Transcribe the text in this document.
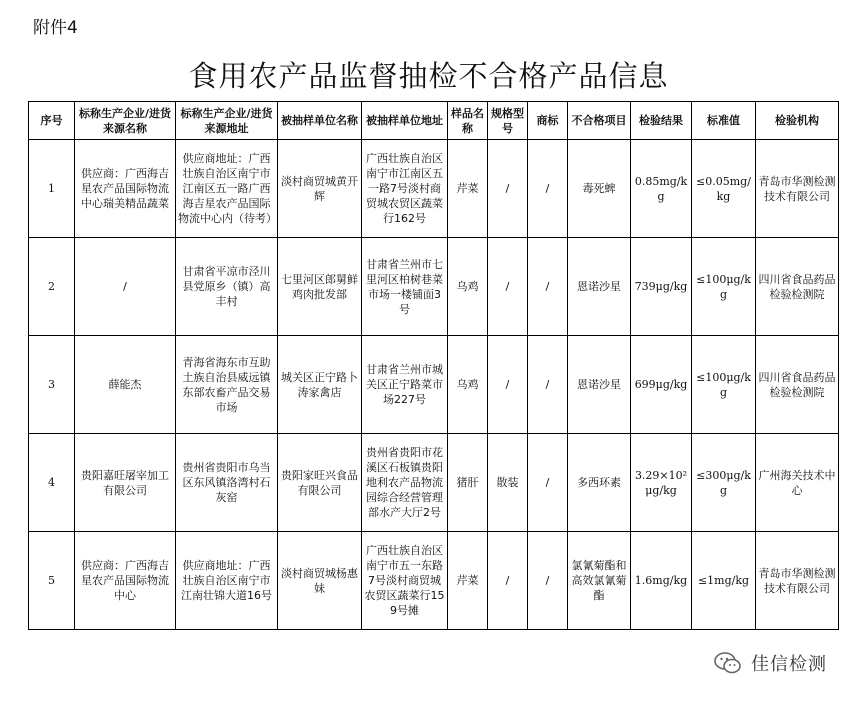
附件4
食用农产品监督抽检不合格产品信息
序号	标称生产企业/进货来源名称	标称生产企业/进货来源地址	被抽样单位名称	被抽样单位地址	样品名称	规格型号	商标	不合格项目	检验结果	标准值	检验机构
1	供应商：广西海吉星农产品国际物流中心瑞美精品蔬菜	供应商地址：广西壮族自治区南宁市江南区五一路广西海吉星农产品国际物流中心内（待考）	淡村商贸城黄开辉	广西壮族自治区南宁市江南区五一路7号淡村商贸城农贸区蔬菜行162号	芹菜	/	/	毒死蜱	0.85mg/kg	≤0.05mg/kg	青岛市华测检测技术有限公司
2	/	甘肃省平凉市泾川县党原乡（镇）高丰村	七里河区郎舅鲜鸡肉批发部	甘肃省兰州市七里河区柏树巷菜市场一楼铺面3号	乌鸡	/	/	恩诺沙星	739μg/kg	≤100μg/kg	四川省食品药品检验检测院
3	薛能杰	青海省海东市互助土族自治县威远镇东部农畜产品交易市场	城关区正宁路卜涛家禽店	甘肃省兰州市城关区正宁路菜市场227号	乌鸡	/	/	恩诺沙星	699μg/kg	≤100μg/kg	四川省食品药品检验检测院
4	贵阳嘉旺屠宰加工有限公司	贵州省贵阳市乌当区东风镇洛湾村石灰窑	贵阳家旺兴食品有限公司	贵州省贵阳市花溪区石板镇贵阳地利农产品物流园综合经营管理部水产大厅2号	猪肝	散装	/	多西环素	3.29×10²μg/kg	≤300μg/kg	广州海关技术中心
5	供应商：广西海吉星农产品国际物流中心	供应商地址：广西壮族自治区南宁市江南壮锦大道16号	淡村商贸城杨惠妹	广西壮族自治区南宁市五一东路7号淡村商贸城农贸区蔬菜行159号摊	芹菜	/	/	氯氰菊酯和高效氯氰菊酯	1.6mg/kg	≤1mg/kg	青岛市华测检测技术有限公司
佳信检测
